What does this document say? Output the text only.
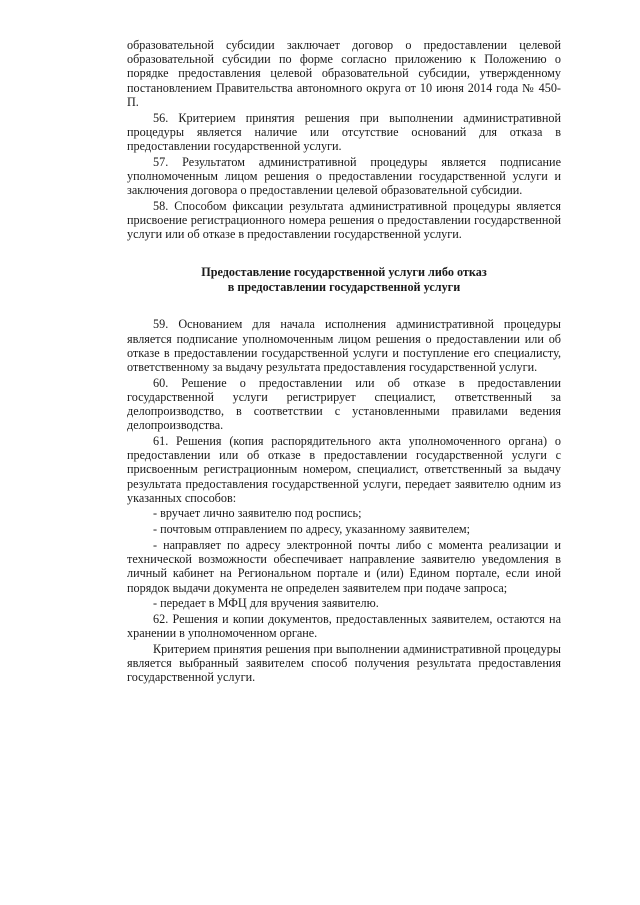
образовательной субсидии заключает договор о предоставлении целевой образовательной субсидии по форме согласно приложению к Положению о порядке предоставления целевой образовательной субсидии, утвержденному постановлением Правительства автономного округа от 10 июня 2014 года № 450-П.

56. Критерием принятия решения при выполнении административной процедуры является наличие или отсутствие оснований для отказа в предоставлении государственной услуги.

57. Результатом административной процедуры является подписание уполномоченным лицом решения о предоставлении государственной услуги и заключения договора о предоставлении целевой образовательной субсидии.

58. Способом фиксации результата административной процедуры является присвоение регистрационного номера решения о предоставлении государственной услуги или об отказе в предоставлении государственной услуги.

Предоставление государственной услуги либо отказ
в предоставлении государственной услуги

59. Основанием для начала исполнения административной процедуры является подписание уполномоченным лицом решения о предоставлении или об отказе в предоставлении государственной услуги и поступление его специалисту, ответственному за выдачу результата предоставления государственной услуги.

60. Решение о предоставлении или об отказе в предоставлении государственной услуги регистрирует специалист, ответственный за делопроизводство, в соответствии с установленными правилами ведения делопроизводства.

61. Решения (копия распорядительного акта уполномоченного органа) о предоставлении или об отказе в предоставлении государственной услуги с присвоенным регистрационным номером, специалист, ответственный за выдачу результата предоставления государственной услуги, передает заявителю одним из указанных способов:

- вручает лично заявителю под роспись;

- почтовым отправлением по адресу, указанному заявителем;

- направляет по адресу электронной почты либо с момента реализации и технической возможности обеспечивает направление заявителю уведомления в личный кабинет на Региональном портале и (или) Едином портале, если иной порядок выдачи документа не определен заявителем при подаче запроса;

- передает в МФЦ для вручения заявителю.

62. Решения и копии документов, предоставленных заявителем, остаются на хранении в уполномоченном органе.

Критерием принятия решения при выполнении административной процедуры является выбранный заявителем способ получения результата предоставления государственной услуги.
